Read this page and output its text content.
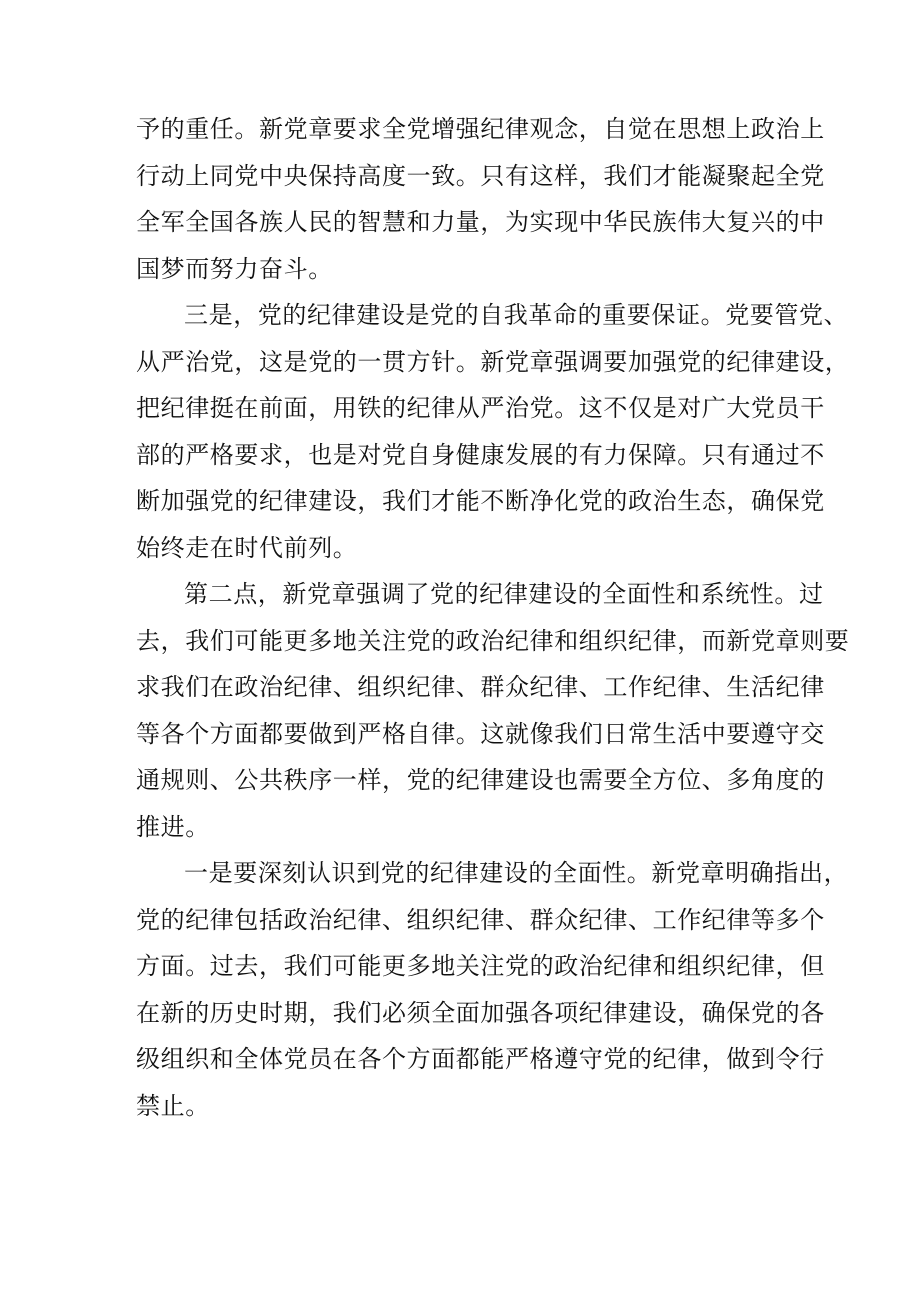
予的重任。新党章要求全党增强纪律观念，自觉在思想上政治上
行动上同党中央保持高度一致。只有这样，我们才能凝聚起全党
全军全国各族人民的智慧和力量，为实现中华民族伟大复兴的中
国梦而努力奋斗。
三是，党的纪律建设是党的自我革命的重要保证。党要管党、
从严治党，这是党的一贯方针。新党章强调要加强党的纪律建设，
把纪律挺在前面，用铁的纪律从严治党。这不仅是对广大党员干
部的严格要求，也是对党自身健康发展的有力保障。只有通过不
断加强党的纪律建设，我们才能不断净化党的政治生态，确保党
始终走在时代前列。
第二点，新党章强调了党的纪律建设的全面性和系统性。过
去，我们可能更多地关注党的政治纪律和组织纪律，而新党章则要
求我们在政治纪律、组织纪律、群众纪律、工作纪律、生活纪律
等各个方面都要做到严格自律。这就像我们日常生活中要遵守交
通规则、公共秩序一样，党的纪律建设也需要全方位、多角度的
推进。
一是要深刻认识到党的纪律建设的全面性。新党章明确指出，
党的纪律包括政治纪律、组织纪律、群众纪律、工作纪律等多个
方面。过去，我们可能更多地关注党的政治纪律和组织纪律，但
在新的历史时期，我们必须全面加强各项纪律建设，确保党的各
级组织和全体党员在各个方面都能严格遵守党的纪律，做到令行
禁止。
